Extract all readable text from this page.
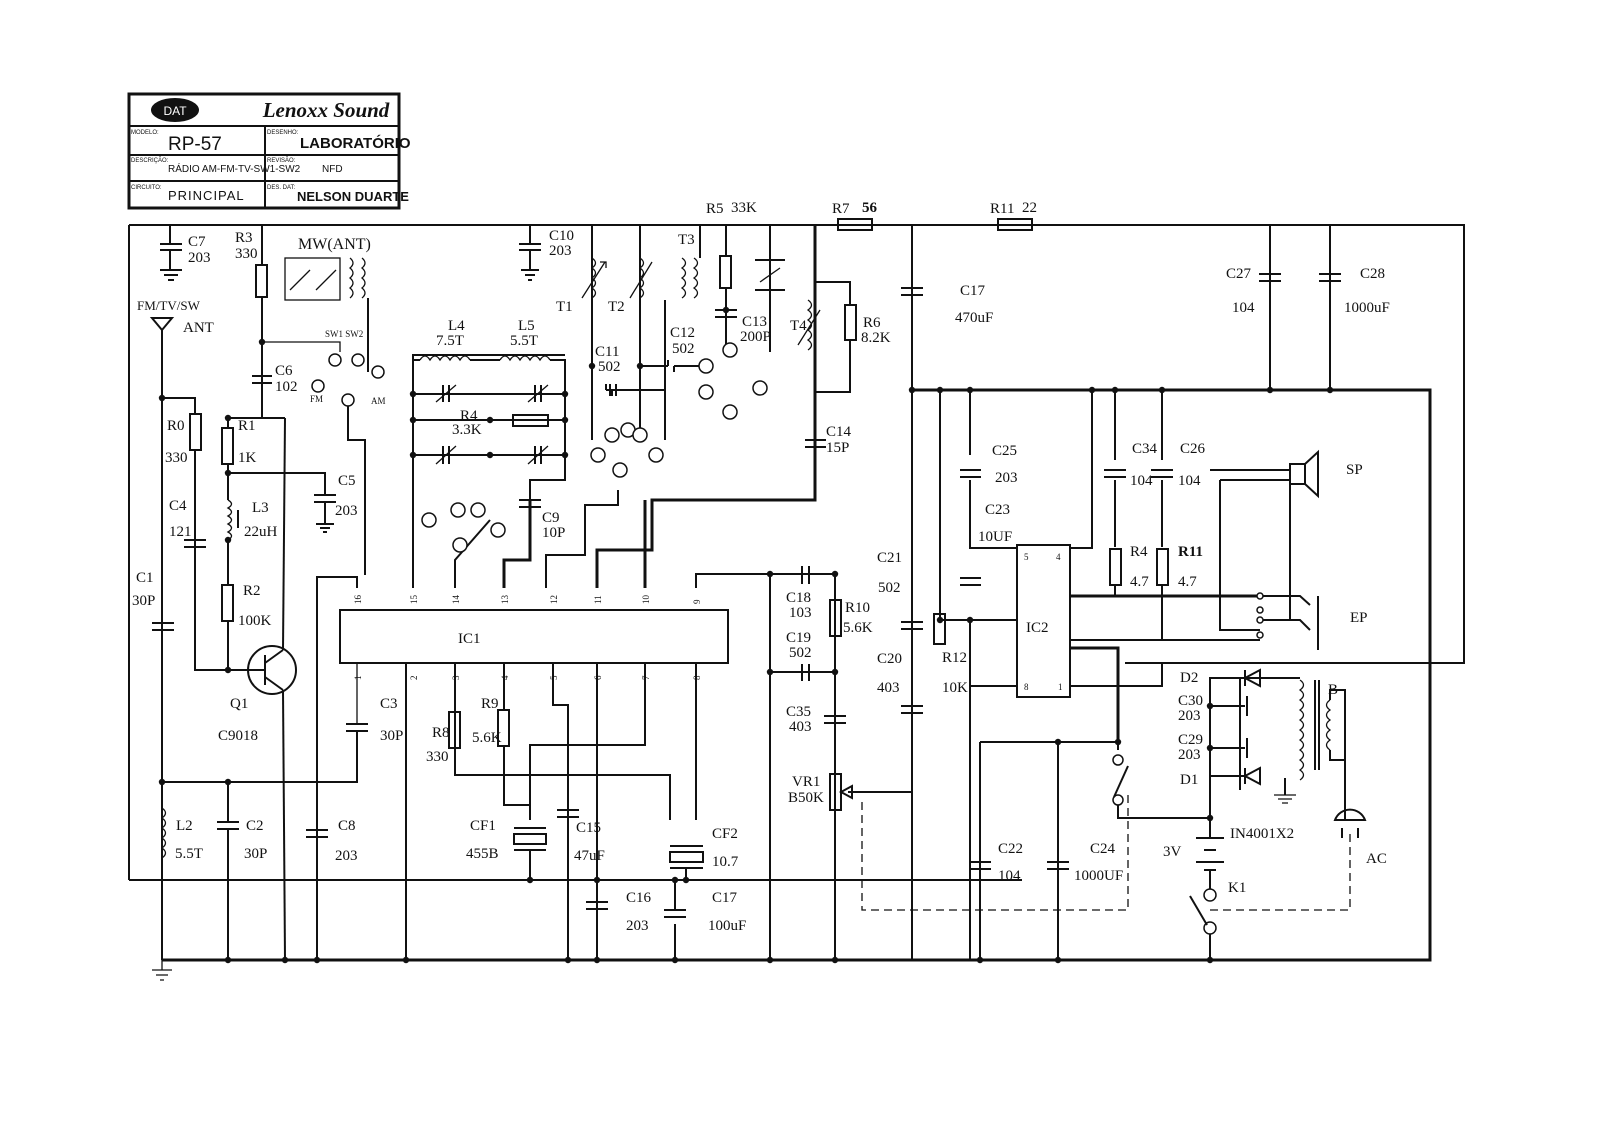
DAT	Lenoxx Sound
MODELO:
RP-57
DESENHO:
LABORATÓRIO
DESCRIÇÃO:
RÁDIO AM-FM-TV-SW1-SW2
REVISÃO:
NFD
CIRCUITO: PRINCIPAL	DES. DAT:
NELSON DUARTE
IC1
16	15	14	13	12	11	10	9
1	2	3	4	5	6	7	8
IC2
5	4
8	1
C7
203
R3
330
MW(ANT)
FM/TV/SW
ANT	SW1 SW2
FM	AM
C6
102
R0
330
R1
1K
C5
203
C4
121
L3
22uH
C1
30P
R2
100K
Q1
C9018
C3
30P
L2
5.5T
C2
30P
C8
203
C10
203
T1 T2
T3
T4
R5 33K	R7 56	R11 22
L4
7.5T
L5
5.5T
R4
3.3K
C9
10P
C11
502
C12
502
C13
200P
R6
8.2K
C14
15P
R8
330
R9
5.6K
CF1
455B
C15
47uF
C16
203
CF2
10.7
C17
100uF
C18
103
C19
502
R10
5.6K
C35
403
VR1
B50K
C21
502
C20
403
R12
10K
C17
470uF
C25
203
C23
10UF
C34
104
C26
104
R4
4.7
R11
4.7
C27
104
C28
1000uF
SP
EP
D2
C30
203
C29
203
D1
B
IN4001X2
3V
K1
AC
C22
104
C24
1000UF
